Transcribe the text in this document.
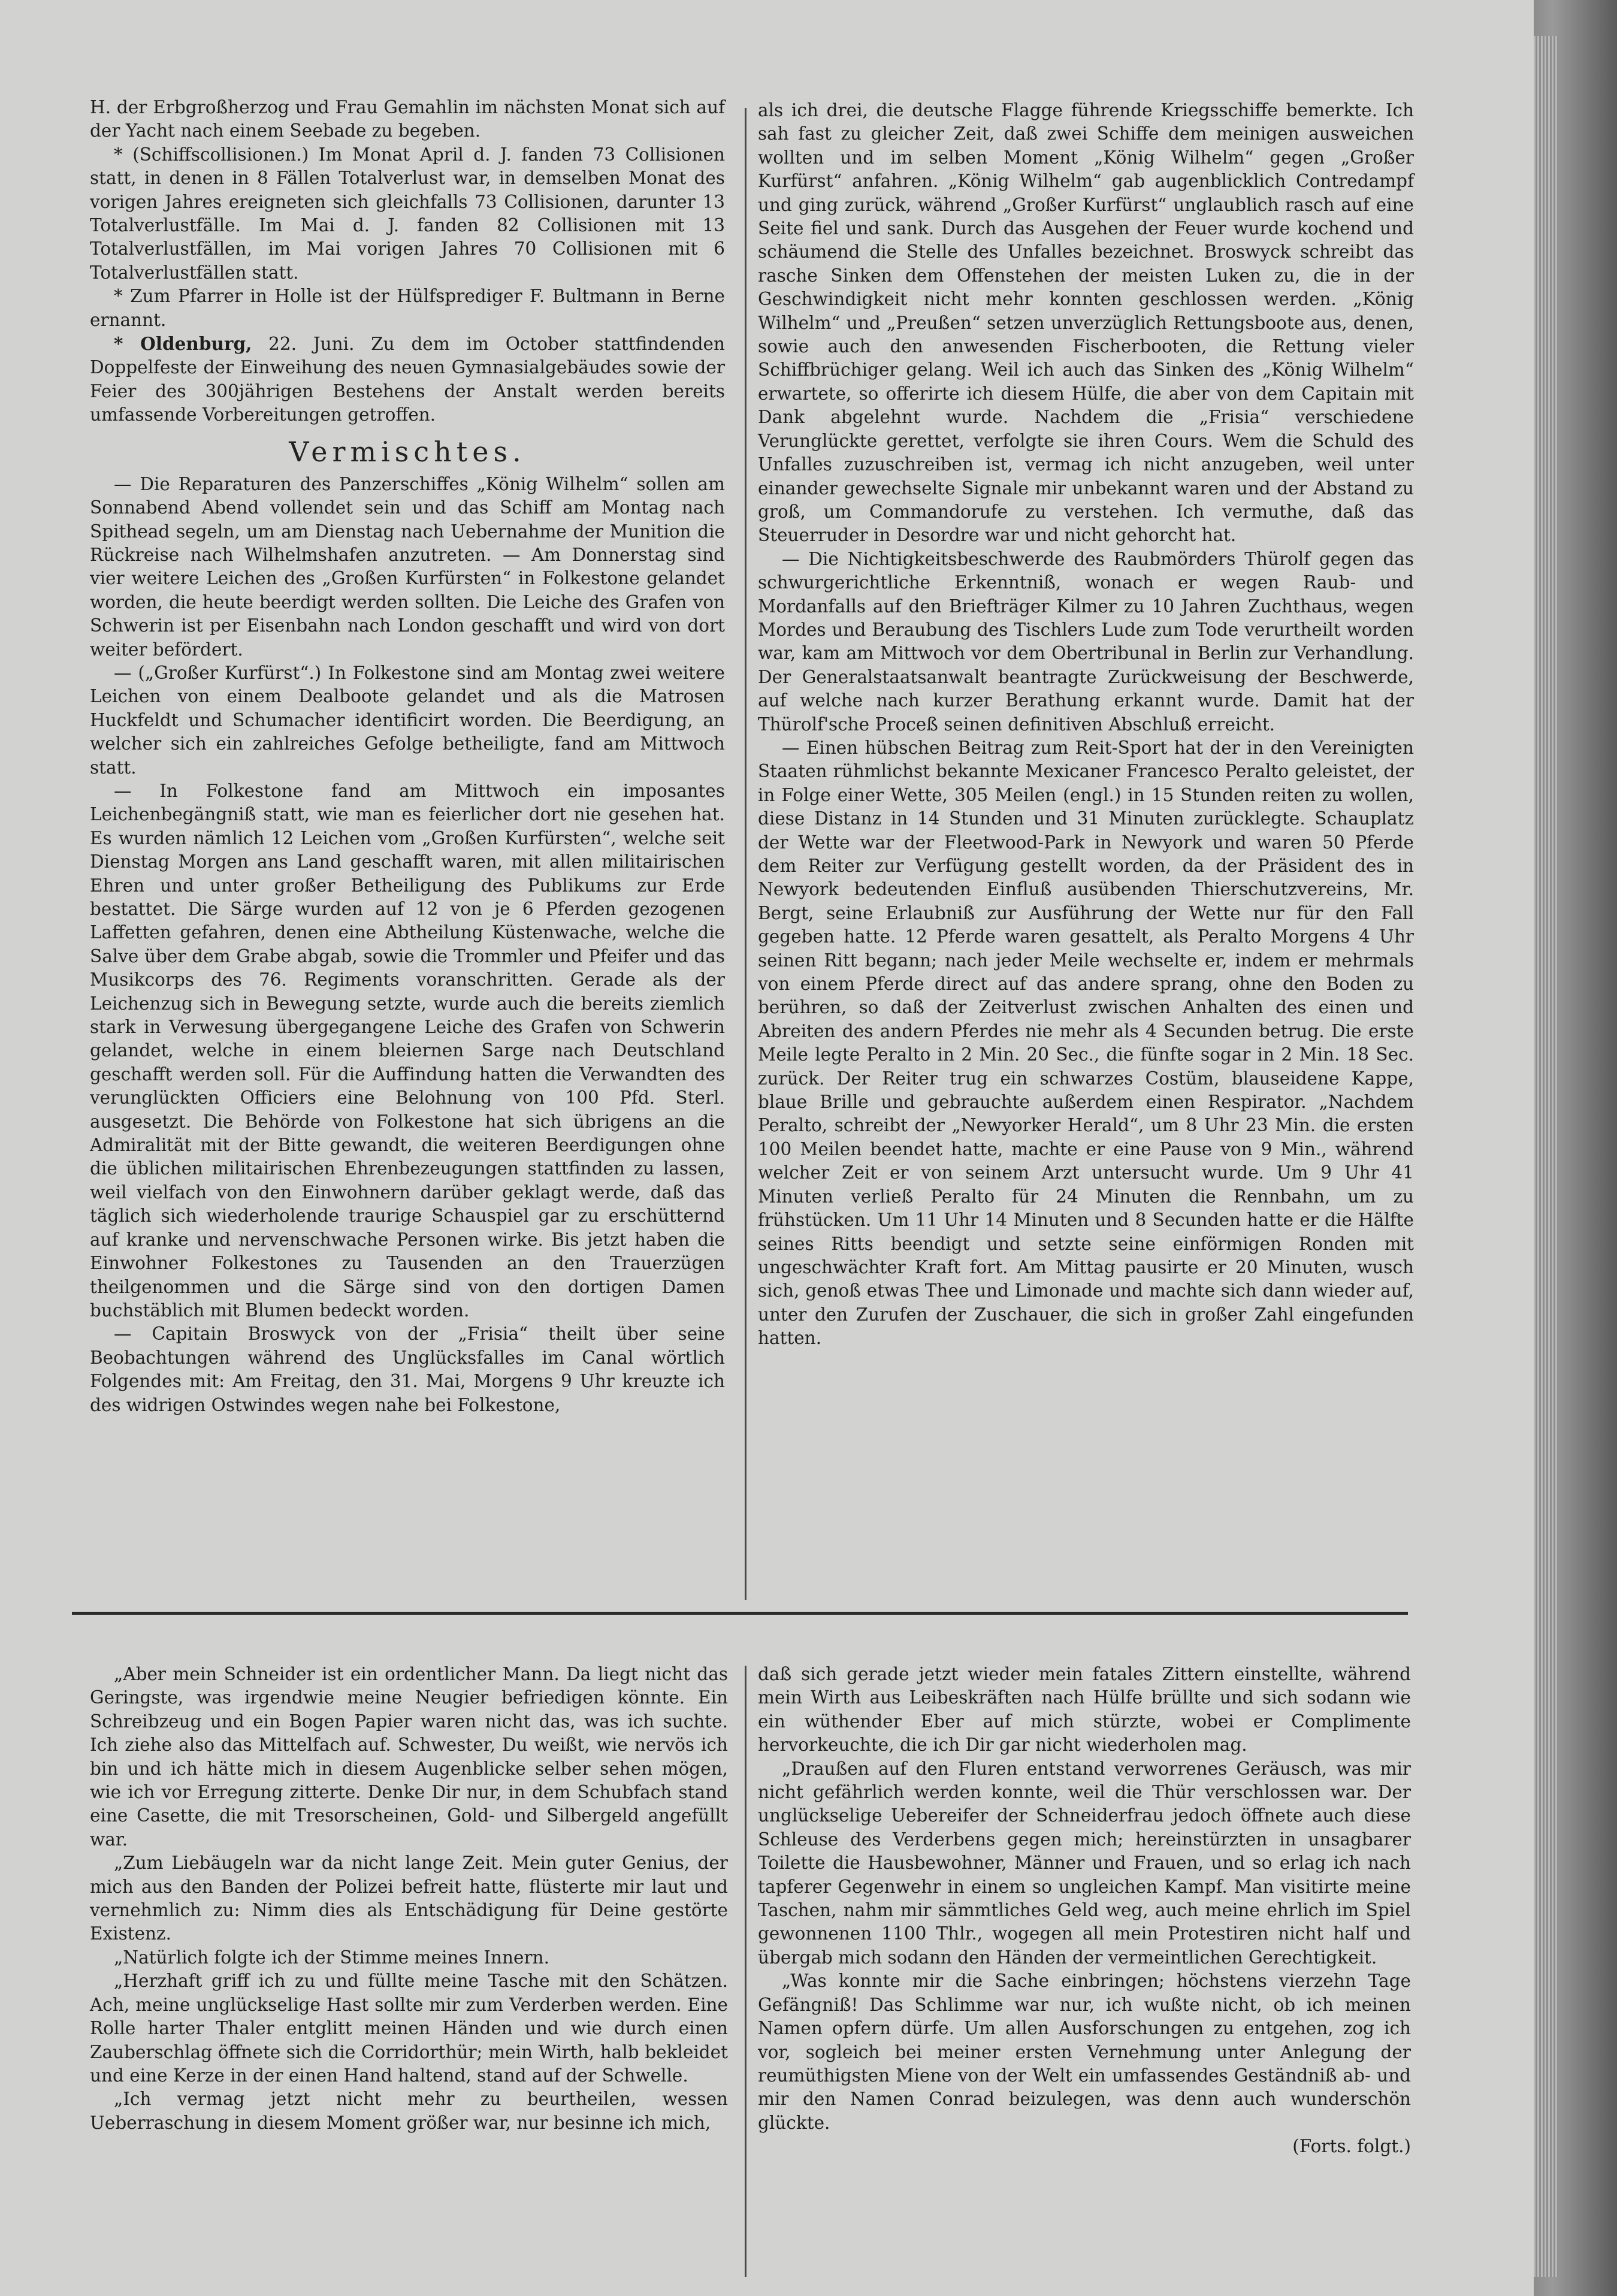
H. der Erbgroßherzog und Frau Gemahlin im nächsten Monat sich auf der Yacht nach einem Seebade zu begeben.

* (Schiffscollisionen.) Im Monat April d. J. fanden 73 Collisionen statt, in denen in 8 Fällen Totalverlust war, in demselben Monat des vorigen Jahres ereigneten sich gleichfalls 73 Collisionen, darunter 13 Totalverlustfälle. Im Mai d. J. fanden 82 Collisionen mit 13 Totalverlustfällen, im Mai vorigen Jahres 70 Collisionen mit 6 Totalverlustfällen statt.

* Zum Pfarrer in Holle ist der Hülfsprediger F. Bultmann in Berne ernannt.

* Oldenburg, 22. Juni. Zu dem im October stattfindenden Doppelfeste der Einweihung des neuen Gymnasialgebäudes sowie der Feier des 300jährigen Bestehens der Anstalt werden bereits umfassende Vorbereitungen getroffen.

Vermischtes.

— Die Reparaturen des Panzerschiffes „König Wilhelm“ sollen am Sonnabend Abend vollendet sein und das Schiff am Montag nach Spithead segeln, um am Dienstag nach Uebernahme der Munition die Rückreise nach Wilhelmshafen anzutreten. — Am Donnerstag sind vier weitere Leichen des „Großen Kurfürsten“ in Folkestone gelandet worden, die heute beerdigt werden sollten. Die Leiche des Grafen von Schwerin ist per Eisenbahn nach London geschafft und wird von dort weiter befördert.

— („Großer Kurfürst“.) In Folkestone sind am Montag zwei weitere Leichen von einem Dealboote gelandet und als die Matrosen Huckfeldt und Schumacher identificirt worden. Die Beerdigung, an welcher sich ein zahlreiches Gefolge betheiligte, fand am Mittwoch statt.

— In Folkestone fand am Mittwoch ein imposantes Leichenbegängniß statt, wie man es feierlicher dort nie gesehen hat. Es wurden nämlich 12 Leichen vom „Großen Kurfürsten“, welche seit Dienstag Morgen ans Land geschafft waren, mit allen militairischen Ehren und unter großer Betheiligung des Publikums zur Erde bestattet. Die Särge wurden auf 12 von je 6 Pferden gezogenen Laffetten gefahren, denen eine Abtheilung Küstenwache, welche die Salve über dem Grabe abgab, sowie die Trommler und Pfeifer und das Musikcorps des 76. Regiments voranschritten. Gerade als der Leichenzug sich in Bewegung setzte, wurde auch die bereits ziemlich stark in Verwesung übergegangene Leiche des Grafen von Schwerin gelandet, welche in einem bleiernen Sarge nach Deutschland geschafft werden soll. Für die Auffindung hatten die Verwandten des verunglückten Officiers eine Belohnung von 100 Pfd. Sterl. ausgesetzt. Die Behörde von Folkestone hat sich übrigens an die Admiralität mit der Bitte gewandt, die weiteren Beerdigungen ohne die üblichen militairischen Ehrenbezeugungen stattfinden zu lassen, weil vielfach von den Einwohnern darüber geklagt werde, daß das täglich sich wiederholende traurige Schauspiel gar zu erschütternd auf kranke und nervenschwache Personen wirke. Bis jetzt haben die Einwohner Folkestones zu Tausenden an den Trauerzügen theilgenommen und die Särge sind von den dortigen Damen buchstäblich mit Blumen bedeckt worden.

— Capitain Broswyck von der „Frisia“ theilt über seine Beobachtungen während des Unglücksfalles im Canal wörtlich Folgendes mit: Am Freitag, den 31. Mai, Morgens 9 Uhr kreuzte ich des widrigen Ostwindes wegen nahe bei Folkestone,

als ich drei, die deutsche Flagge führende Kriegsschiffe bemerkte. Ich sah fast zu gleicher Zeit, daß zwei Schiffe dem meinigen ausweichen wollten und im selben Moment „König Wilhelm“ gegen „Großer Kurfürst“ anfahren. „König Wilhelm“ gab augenblicklich Contredampf und ging zurück, während „Großer Kurfürst“ unglaublich rasch auf eine Seite fiel und sank. Durch das Ausgehen der Feuer wurde kochend und schäumend die Stelle des Unfalles bezeichnet. Broswyck schreibt das rasche Sinken dem Offenstehen der meisten Luken zu, die in der Geschwindigkeit nicht mehr konnten geschlossen werden. „König Wilhelm“ und „Preußen“ setzen unverzüglich Rettungsboote aus, denen, sowie auch den anwesenden Fischerbooten, die Rettung vieler Schiffbrüchiger gelang. Weil ich auch das Sinken des „König Wilhelm“ erwartete, so offerirte ich diesem Hülfe, die aber von dem Capitain mit Dank abgelehnt wurde. Nachdem die „Frisia“ verschiedene Verunglückte gerettet, verfolgte sie ihren Cours. Wem die Schuld des Unfalles zuzuschreiben ist, vermag ich nicht anzugeben, weil unter einander gewechselte Signale mir unbekannt waren und der Abstand zu groß, um Commandorufe zu verstehen. Ich vermuthe, daß das Steuerruder in Desordre war und nicht gehorcht hat.

— Die Nichtigkeitsbeschwerde des Raubmörders Thürolf gegen das schwurgerichtliche Erkenntniß, wonach er wegen Raub- und Mordanfalls auf den Briefträger Kilmer zu 10 Jahren Zuchthaus, wegen Mordes und Beraubung des Tischlers Lude zum Tode verurtheilt worden war, kam am Mittwoch vor dem Obertribunal in Berlin zur Verhandlung. Der Generalstaatsanwalt beantragte Zurückweisung der Beschwerde, auf welche nach kurzer Berathung erkannt wurde. Damit hat der Thürolf'sche Proceß seinen definitiven Abschluß erreicht.

— Einen hübschen Beitrag zum Reit-Sport hat der in den Vereinigten Staaten rühmlichst bekannte Mexicaner Francesco Peralto geleistet, der in Folge einer Wette, 305 Meilen (engl.) in 15 Stunden reiten zu wollen, diese Distanz in 14 Stunden und 31 Minuten zurücklegte. Schauplatz der Wette war der Fleetwood-Park in Newyork und waren 50 Pferde dem Reiter zur Verfügung gestellt worden, da der Präsident des in Newyork bedeutenden Einfluß ausübenden Thierschutzvereins, Mr. Bergt, seine Erlaubniß zur Ausführung der Wette nur für den Fall gegeben hatte. 12 Pferde waren gesattelt, als Peralto Morgens 4 Uhr seinen Ritt begann; nach jeder Meile wechselte er, indem er mehrmals von einem Pferde direct auf das andere sprang, ohne den Boden zu berühren, so daß der Zeitverlust zwischen Anhalten des einen und Abreiten des andern Pferdes nie mehr als 4 Secunden betrug. Die erste Meile legte Peralto in 2 Min. 20 Sec., die fünfte sogar in 2 Min. 18 Sec. zurück. Der Reiter trug ein schwarzes Costüm, blauseidene Kappe, blaue Brille und gebrauchte außerdem einen Respirator. „Nachdem Peralto, schreibt der „Newyorker Herald“, um 8 Uhr 23 Min. die ersten 100 Meilen beendet hatte, machte er eine Pause von 9 Min., während welcher Zeit er von seinem Arzt untersucht wurde. Um 9 Uhr 41 Minuten verließ Peralto für 24 Minuten die Rennbahn, um zu frühstücken. Um 11 Uhr 14 Minuten und 8 Secunden hatte er die Hälfte seines Ritts beendigt und setzte seine einförmigen Ronden mit ungeschwächter Kraft fort. Am Mittag pausirte er 20 Minuten, wusch sich, genoß etwas Thee und Limonade und machte sich dann wieder auf, unter den Zurufen der Zuschauer, die sich in großer Zahl eingefunden hatten.

„Aber mein Schneider ist ein ordentlicher Mann. Da liegt nicht das Geringste, was irgendwie meine Neugier befriedigen könnte. Ein Schreibzeug und ein Bogen Papier waren nicht das, was ich suchte. Ich ziehe also das Mittelfach auf. Schwester, Du weißt, wie nervös ich bin und ich hätte mich in diesem Augenblicke selber sehen mögen, wie ich vor Erregung zitterte. Denke Dir nur, in dem Schubfach stand eine Casette, die mit Tresorscheinen, Gold- und Silbergeld angefüllt war.

„Zum Liebäugeln war da nicht lange Zeit. Mein guter Genius, der mich aus den Banden der Polizei befreit hatte, flüsterte mir laut und vernehmlich zu: Nimm dies als Entschädigung für Deine gestörte Existenz.

„Natürlich folgte ich der Stimme meines Innern.

„Herzhaft griff ich zu und füllte meine Tasche mit den Schätzen. Ach, meine unglückselige Hast sollte mir zum Verderben werden. Eine Rolle harter Thaler entglitt meinen Händen und wie durch einen Zauberschlag öffnete sich die Corridorthür; mein Wirth, halb bekleidet und eine Kerze in der einen Hand haltend, stand auf der Schwelle.

„Ich vermag jetzt nicht mehr zu beurtheilen, wessen Ueberraschung in diesem Moment größer war, nur besinne ich mich,

daß sich gerade jetzt wieder mein fatales Zittern einstellte, während mein Wirth aus Leibeskräften nach Hülfe brüllte und sich sodann wie ein wüthender Eber auf mich stürzte, wobei er Complimente hervorkeuchte, die ich Dir gar nicht wiederholen mag.

„Draußen auf den Fluren entstand verworrenes Geräusch, was mir nicht gefährlich werden konnte, weil die Thür verschlossen war. Der unglückselige Uebereifer der Schneiderfrau jedoch öffnete auch diese Schleuse des Verderbens gegen mich; hereinstürzten in unsagbarer Toilette die Hausbewohner, Männer und Frauen, und so erlag ich nach tapferer Gegenwehr in einem so ungleichen Kampf. Man visitirte meine Taschen, nahm mir sämmtliches Geld weg, auch meine ehrlich im Spiel gewonnenen 1100 Thlr., wogegen all mein Protestiren nicht half und übergab mich sodann den Händen der vermeintlichen Gerechtigkeit.

„Was konnte mir die Sache einbringen; höchstens vierzehn Tage Gefängniß! Das Schlimme war nur, ich wußte nicht, ob ich meinen Namen opfern dürfe. Um allen Ausforschungen zu entgehen, zog ich vor, sogleich bei meiner ersten Vernehmung unter Anlegung der reumüthigsten Miene von der Welt ein umfassendes Geständniß ab- und mir den Namen Conrad beizulegen, was denn auch wunderschön glückte.

(Forts. folgt.)
